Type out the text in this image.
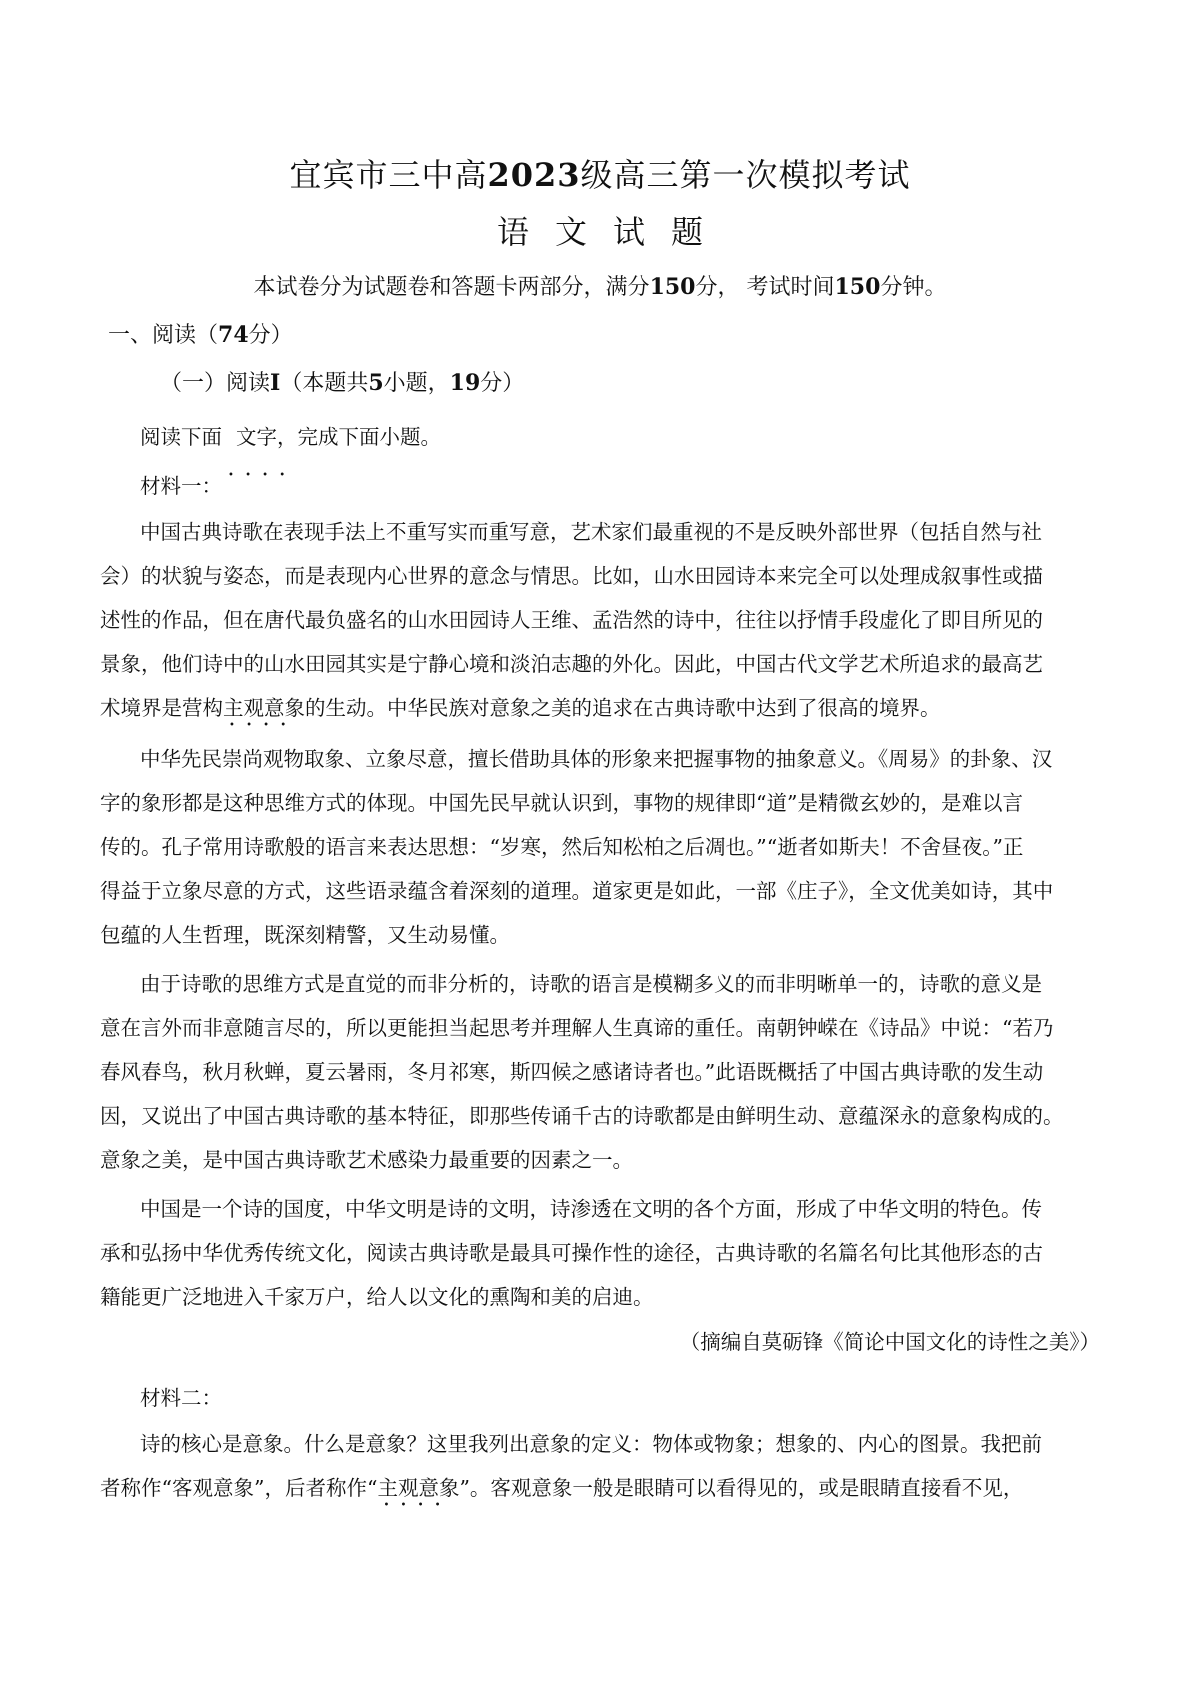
宜宾市三中高2023级高三第一次模拟考试
语文试题
本试卷分为试题卷和答题卡两部分，满分150分， 考试时间150分钟。
一、阅读（74分）
（一）阅读I（本题共5小题，19分）
阅读下面 文字，完成下面小题。
材料一：
中国古典诗歌在表现手法上不重写实而重写意，艺术家们最重视的不是反映外部世界（包括自然与社
会）的状貌与姿态，而是表现内心世界的意念与情思。比如，山水田园诗本来完全可以处理成叙事性或描
述性的作品，但在唐代最负盛名的山水田园诗人王维、孟浩然的诗中，往往以抒情手段虚化了即目所见的
景象，他们诗中的山水田园其实是宁静心境和淡泊志趣的外化。因此，中国古代文学艺术所追求的最高艺
术境界是营构主观意象 • • • •的生动。中华民族对意象之美的追求在古典诗歌中达到了很高的境界。
中华先民崇尚观物取象、立象尽意，擅长借助具体的形象来把握事物的抽象意义。《周易》的卦象、汉
字的象形都是这种思维方式的体现。中国先民早就认识到，事物的规律即“道”是精微玄妙的，是难以言
传的。孔子常用诗歌般的语言来表达思想：“岁寒，然后知松柏之后凋也。”“逝者如斯夫！不舍昼夜。”正
得益于立象尽意的方式，这些语录蕴含着深刻的道理。道家更是如此，一部《庄子》，全文优美如诗，其中
包蕴的人生哲理，既深刻精警，又生动易懂。
由于诗歌的思维方式是直觉的而非分析的，诗歌的语言是模糊多义的而非明晰单一的，诗歌的意义是
意在言外而非意随言尽的，所以更能担当起思考并理解人生真谛的重任。南朝钟嵘在《诗品》中说：“若乃
春风春鸟，秋月秋蝉，夏云暑雨，冬月祁寒，斯四候之感诸诗者也。”此语既概括了中国古典诗歌的发生动
因，又说出了中国古典诗歌的基本特征，即那些传诵千古的诗歌都是由鲜明生动、意蕴深永的意象构成的。
意象之美，是中国古典诗歌艺术感染力最重要的因素之一。
中国是一个诗的国度，中华文明是诗的文明，诗渗透在文明的各个方面，形成了中华文明的特色。传
承和弘扬中华优秀传统文化，阅读古典诗歌是最具可操作性的途径，古典诗歌的名篇名句比其他形态的古
籍能更广泛地进入千家万户，给人以文化的熏陶和美的启迪。
（摘编自莫砺锋《简论中国文化的诗性之美》）
材料二：
诗的核心是意象。什么是意象？这里我列出意象的定义：物体或物象；想象的、内心的图景。我把前
者称作“客观意象”，后者称作“主观意象 • • • •”。客观意象一般是眼睛可以看得见的，或是眼睛直接看不见，
